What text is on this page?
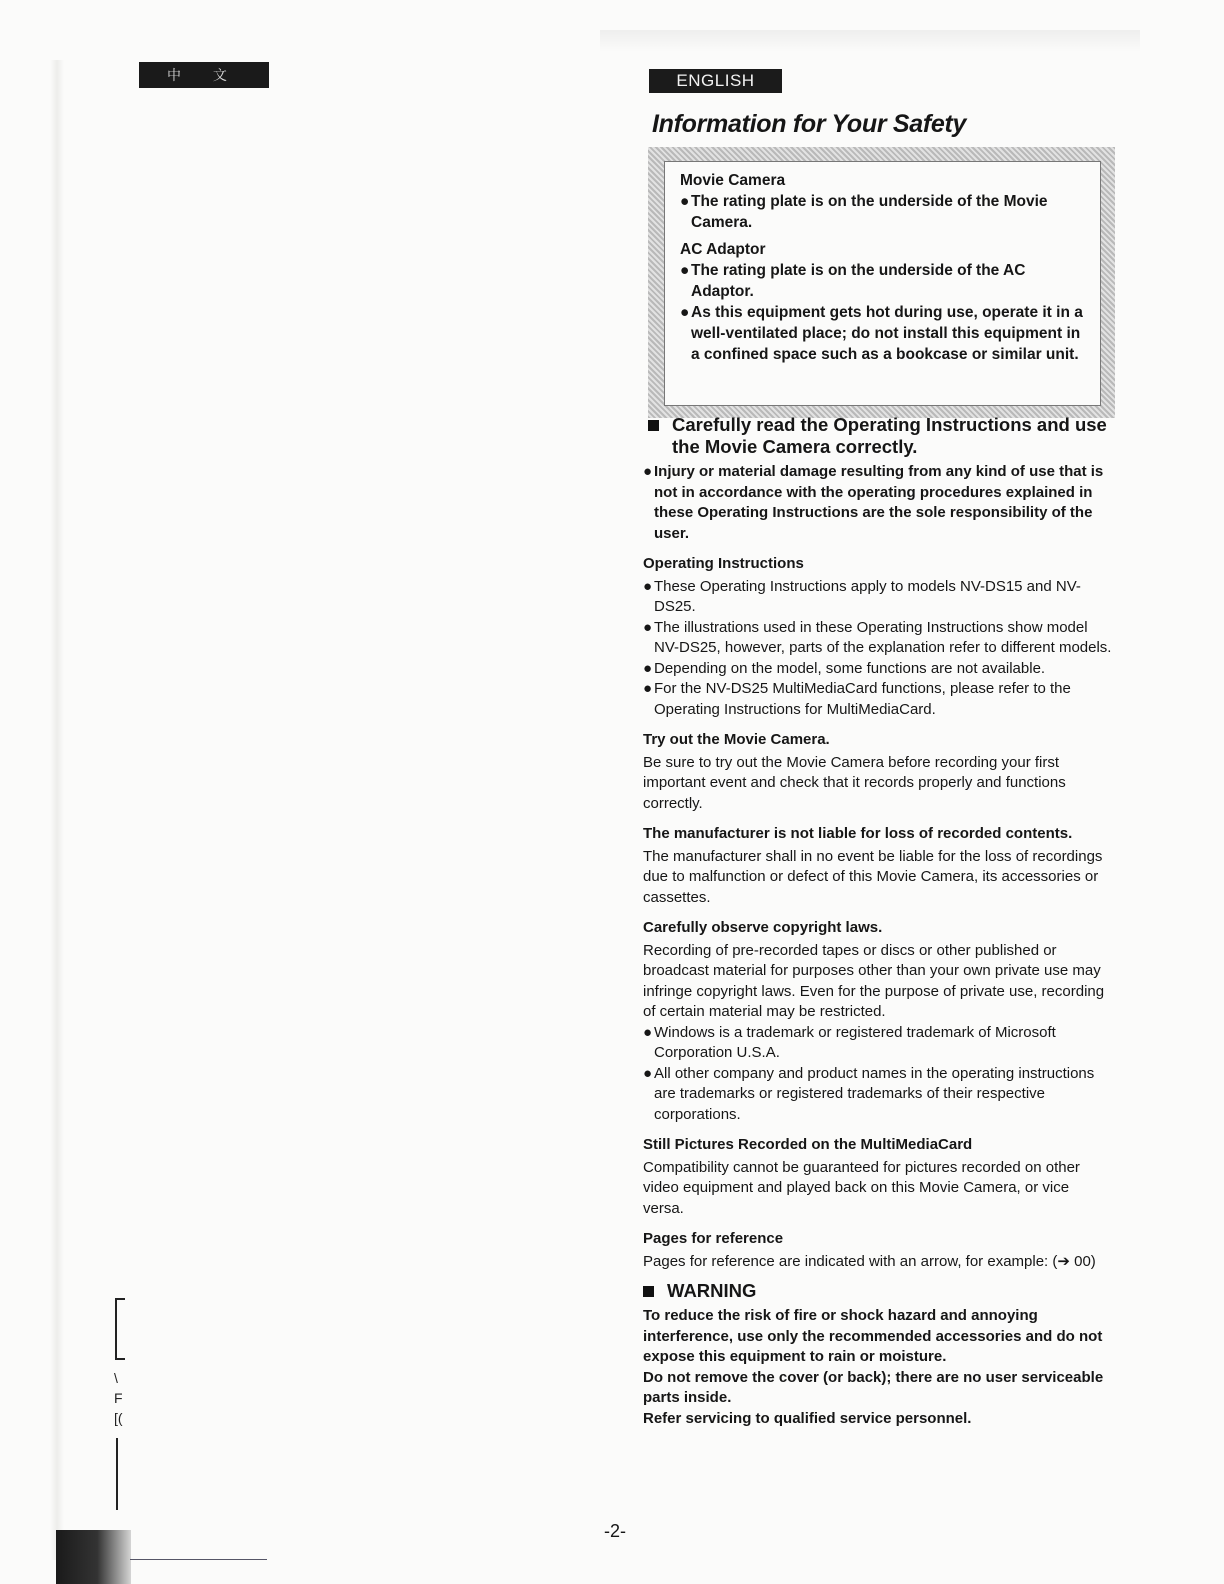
中 文	ENGLISH
Information for Your Safety

Movie Camera

● The rating plate is on the underside of the Movie Camera.

AC Adaptor

● The rating plate is on the underside of the AC Adaptor.

● As this equipment gets hot during use, operate it in a well-ventilated place; do not install this equipment in a confined space such as a bookcase or similar unit.

Carefully read the Operating Instructions and use the Movie Camera correctly.

● Injury or material damage resulting from any kind of use that is not in accordance with the operating procedures explained in these Operating Instructions are the sole responsibility of the user.

Operating Instructions

● These Operating Instructions apply to models NV-DS15 and NV-DS25.

● The illustrations used in these Operating Instructions show model NV-DS25, however, parts of the explanation refer to different models.

● Depending on the model, some functions are not available.

● For the NV-DS25 MultiMediaCard functions, please refer to the Operating Instructions for MultiMediaCard.

Try out the Movie Camera.

Be sure to try out the Movie Camera before recording your first important event and check that it records properly and functions correctly.

The manufacturer is not liable for loss of recorded contents.

The manufacturer shall in no event be liable for the loss of recordings due to malfunction or defect of this Movie Camera, its accessories or cassettes.

Carefully observe copyright laws.

Recording of pre-recorded tapes or discs or other published or broadcast material for purposes other than your own private use may infringe copyright laws. Even for the purpose of private use, recording of certain material may be restricted.

● Windows is a trademark or registered trademark of Microsoft Corporation U.S.A.

● All other company and product names in the operating instructions are trademarks or registered trademarks of their respective corporations.

Still Pictures Recorded on the MultiMediaCard

Compatibility cannot be guaranteed for pictures recorded on other video equipment and played back on this Movie Camera, or vice versa.

Pages for reference

Pages for reference are indicated with an arrow, for example: (➔ 00)

WARNING

To reduce the risk of fire or shock hazard and annoying interference, use only the recommended accessories and do not expose this equipment to rain or moisture.

Do not remove the cover (or back); there are no user serviceable parts inside.

Refer servicing to qualified service personnel.

-2-
\
F
[(
